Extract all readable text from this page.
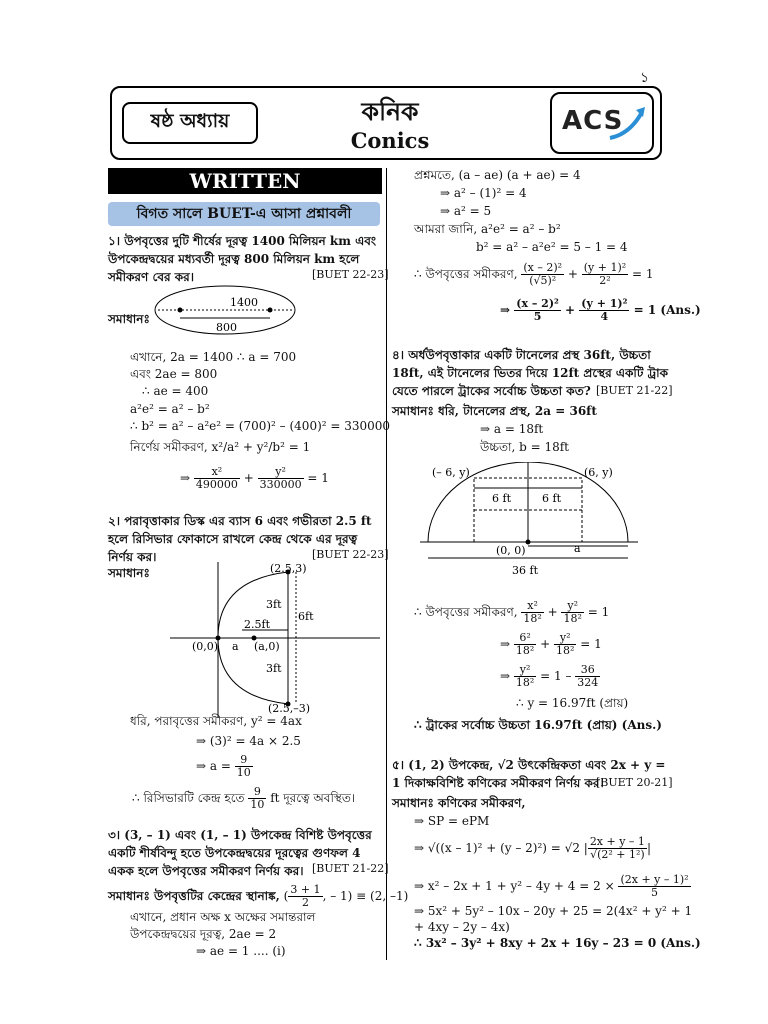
১
ষষ্ঠ অধ্যায়	কনিক
Conics
ACS
WRITTEN
বিগত সালে BUET-এ আসা প্রশ্নাবলী
১। উপবৃত্তের দুটি শীর্ষের দূরত্ব 1400 মিলিয়ন km এবং উপকেন্দ্রদ্বয়ের মধ্যবর্তী দূরত্ব 800 মিলিয়ন km হলে সমীকরণ বের কর।	[BUET 22-23]
সমাধানঃ
1400
800
এখানে, 2a = 1400 ∴ a = 700
এবং 2ae = 800
∴ ae = 400
a²e² = a² – b²
∴ b² = a² – a²e² = (700)² – (400)² = 330000
নির্ণেয় সমীকরণ, x²/a² + y²/b² = 1
⇒ $\frac{\text{x²}}{490000} + \frac{\text{y²}}{330000} = 1$
২। পরাবৃত্তাকার ডিস্ক এর ব্যাস 6 এবং গভীরতা 2.5 ft হলে রিসিভার ফোকাসে রাখলে কেন্দ্র থেকে এর দূরত্ব নির্ণয় কর।	[BUET 22-23]
সমাধানঃ	(2.5,3)
(2.5,–3)
3ft
3ft
6ft
2.5ft
(0,0) a (a,0)
ধরি, পরাবৃত্তের সমীকরণ, y² = 4ax
⇒ (3)² = 4a × 2.5
⇒ $a = \frac{9}{10}$
∴ রিসিভারটি কেন্দ্র হতে $\frac{9}{10}$ ft দূরত্বে অবস্থিত।
৩। (3, – 1) এবং (1, – 1) উপকেন্দ্র বিশিষ্ট উপবৃত্তের একটি শীর্ষবিন্দু হতে উপকেন্দ্রদ্বয়ের দূরত্বের গুণফল 4 একক হলে উপবৃত্তের সমীকরণ নির্ণয় কর। [BUET 21-22]
সমাধানঃ উপবৃত্তটির কেন্দ্রের স্থানাঙ্ক, ( $\frac{3 + 1}{2}$ , – 1) ≡ (2, –1)
এখানে, প্রধান অক্ষ x অক্ষের সমান্তরাল
উপকেন্দ্রদ্বয়ের দূরত্ব, 2ae = 2
⇒ ae = 1 .... (i)
প্রশ্নমতে, (a – ae) (a + ae) = 4
⇒ a² – (1)² = 4
⇒ a² = 5
আমরা জানি, a²e² = a² – b²
b² = a² – a²e² = 5 – 1 = 4
∴ উপবৃত্তের সমীকরণ, $\frac{\text{(x – 2)²}}{\text{(√5)²}} + \frac{\text{(y + 1)²}}{\text{2²}} = 1$
⇒ $\frac{\text{(x – 2)²}}{5} + \frac{\text{(y + 1)²}}{4} = 1$ (Ans.)
৪। অর্ধউপবৃত্তাকার একটি টানেলের প্রস্থ 36ft, উচ্চতা 18ft, এই টানেলের ভিতর দিয়ে 12ft প্রস্থের একটি ট্রাক যেতে পারলে ট্রাকের সর্বোচ্চ উচ্চতা কত? [BUET 21-22]
সমাধানঃ ধরি, টানেলের প্রস্থ, 2a = 36ft
⇒ a = 18ft
উচ্চতা, b = 18ft
(– 6, y)	(6, y)
6 ft	6 ft
(0, 0)	a
36 ft
∴ উপবৃত্তের সমীকরণ, $\frac{\text{x²}}{\text{18²}} + \frac{\text{y²}}{\text{18²}} = 1$
⇒ $\frac{\text{6²}}{\text{18²}} + \frac{\text{y²}}{\text{18²}} = 1$
⇒ $\frac{\text{y²}}{\text{18²}} = 1 - \frac{36}{324}$
∴ y = 16.97ft (প্রায়)
∴ ট্রাকের সর্বোচ্চ উচ্চতা 16.97ft (প্রায়) (Ans.)
৫। (1, 2) উপকেন্দ্র, √2 উৎকেন্দ্রিকতা এবং 2x + y = 1 দিকাক্ষবিশিষ্ট কণিকের সমীকরণ নির্ণয় কর।
[BUET 20-21]
সমাধানঃ কণিকের সমীকরণ,
⇒ SP = ePM
⇒ √((x – 1)² + (y – 2)²) = √2 | $\frac{2x + y - 1}{\text{√(2² + 1²)}}$ |
⇒ $x^2 - 2x + 1 + y^2 - 4y + 4 = 2 \times \frac{\text{(2x + y – 1)²}}{5}$
⇒ 5x² + 5y² – 10x – 20y + 25 = 2(4x² + y² + 1
+ 4xy – 2y – 4x)
∴ 3x² – 3y² + 8xy + 2x + 16y – 23 = 0 (Ans.)
